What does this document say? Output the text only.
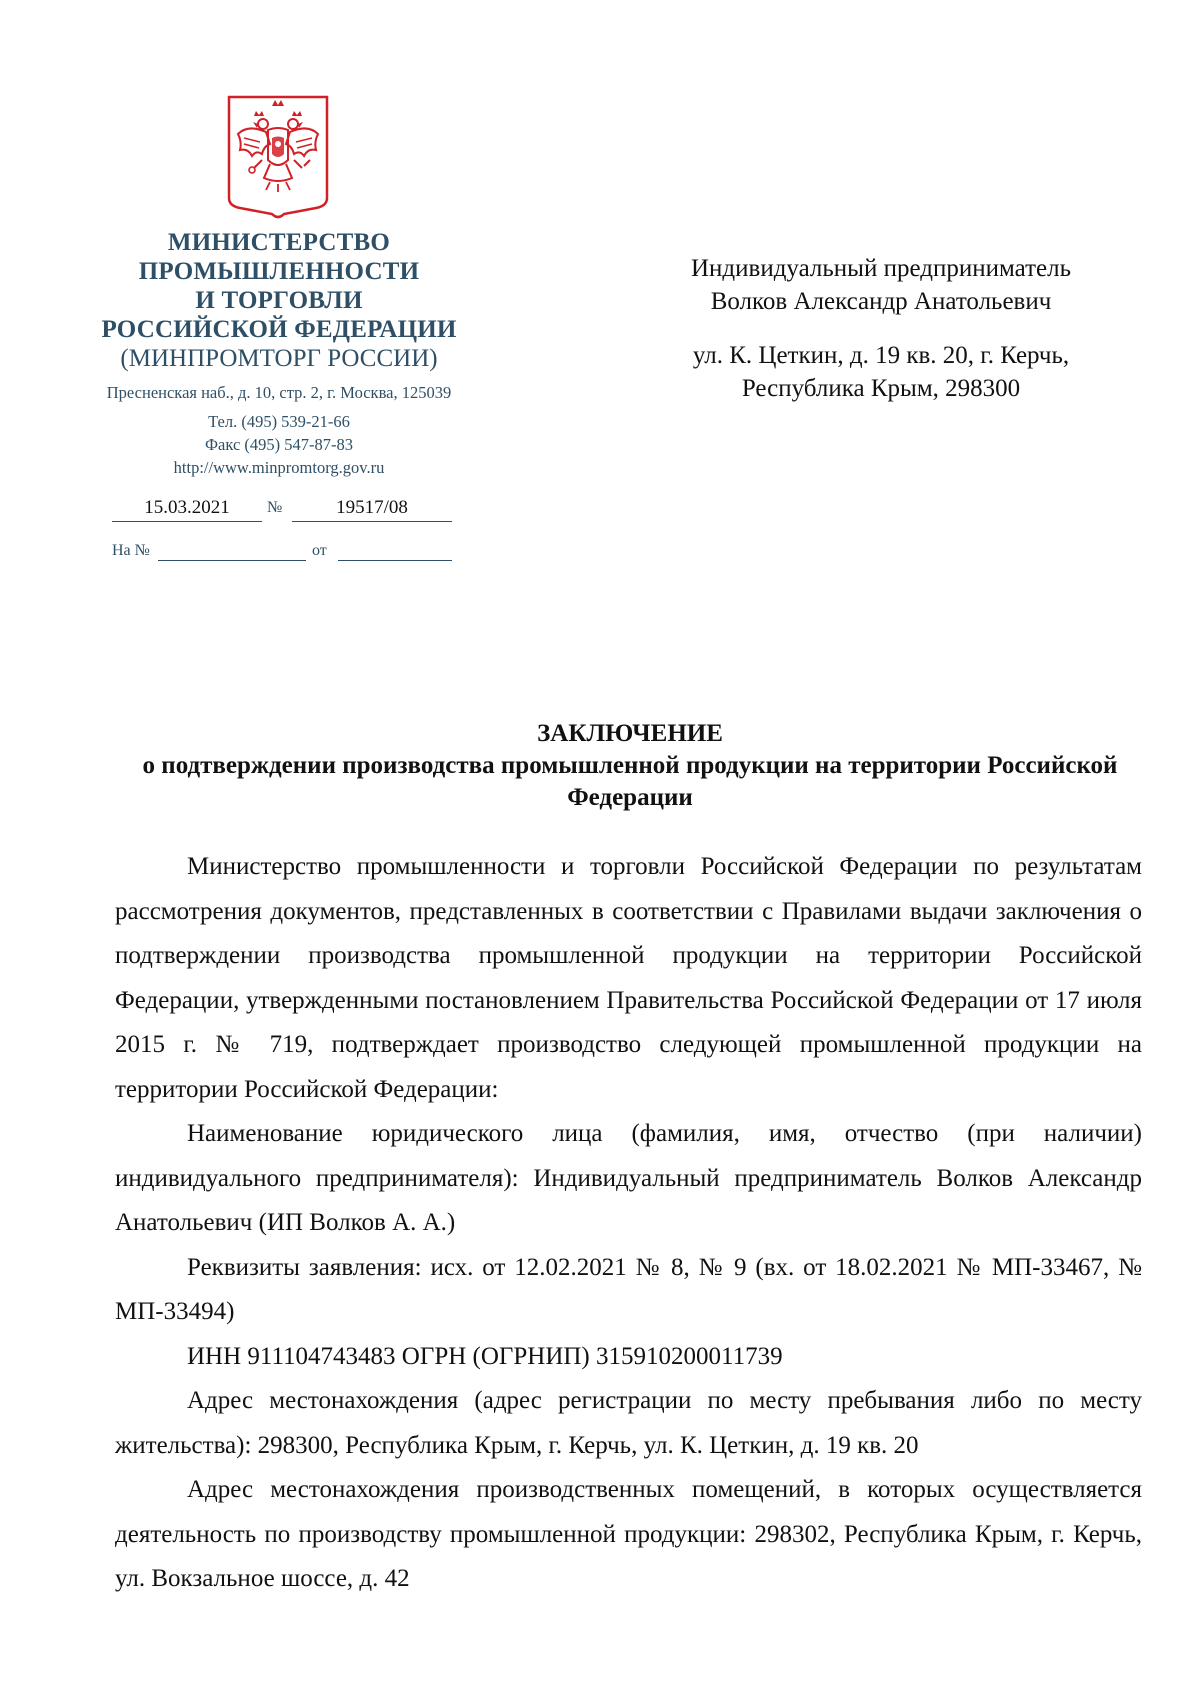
МИНИСТЕРСТВО
ПРОМЫШЛЕННОСТИ
И ТОРГОВЛИ
РОССИЙСКОЙ ФЕДЕРАЦИИ
(МИНПРОМТОРГ РОССИИ)
Пресненская наб., д. 10, стр. 2, г. Москва, 125039
Тел. (495) 539-21-66
Факс (495) 547-87-83
http://www.minpromtorg.gov.ru
15.03.2021	№	19517/08
На №	от
Индивидуальный предприниматель
Волков Александр Анатольевич
ул. К. Цеткин, д. 19 кв. 20, г. Керчь,
Республика Крым, 298300
ЗАКЛЮЧЕНИЕ
о подтверждении производства промышленной продукции на территории Российской Федерации

Министерство промышленности и торговли Российской Федерации по результатам рассмотрения документов, представленных в соответствии с Правилами выдачи заключения о подтверждении производства промышленной продукции на территории Российской Федерации, утвержденными постановлением Правительства Российской Федерации от 17 июля 2015 г. № 719, подтверждает производство следующей промышленной продукции на территории Российской Федерации:

Наименование юридического лица (фамилия, имя, отчество (при наличии) индивидуального предпринимателя): Индивидуальный предприниматель Волков Александр Анатольевич (ИП Волков А. А.)

Реквизиты заявления: исх. от 12.02.2021 № 8, № 9 (вх. от 18.02.2021 № МП-33467, № МП-33494)

ИНН 911104743483 ОГРН (ОГРНИП) 315910200011739

Адрес местонахождения (адрес регистрации по месту пребывания либо по месту жительства): 298300, Республика Крым, г. Керчь, ул. К. Цеткин, д. 19 кв. 20

Адрес местонахождения производственных помещений, в которых осуществляется деятельность по производству промышленной продукции: 298302, Республика Крым, г. Керчь, ул. Вокзальное шоссе, д. 42
